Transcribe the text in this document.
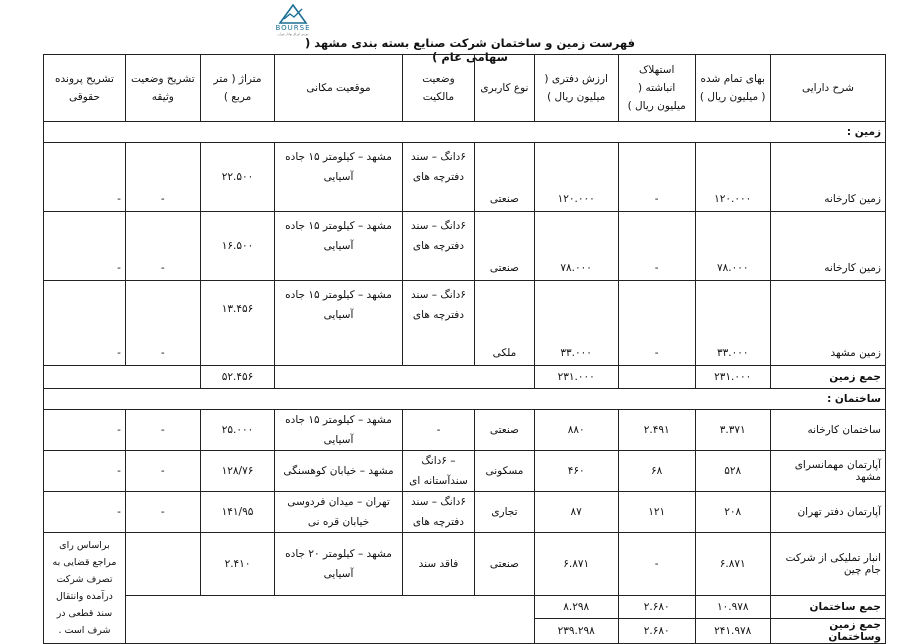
BOURSE
بورس اوراق بهادار تهران
فهرست زمین و ساختمان شرکت صنایع بسته بندی مشهد ( سهامی عام )
شرح دارایی	بهای تمام شده ( میلیون ریال )	استهلاک انباشته ( میلیون ریال )	ارزش دفتری ( میلیون ریال )	نوع کاربری	وضعیت مالکیت	موقعیت مکانی	متراژ ( متر مربع )	تشریح وضعیت وثیقه	تشریح پرونده حقوقی
زمین :									
زمین کارخانه	۱۲۰.۰۰۰	-	۱۲۰.۰۰۰	صنعتی	۶دانگ – سند دفترچه های	مشهد – کیلومتر ۱۵ جاده آسیایی	۲۲.۵۰۰	-	-
زمین کارخانه	۷۸.۰۰۰	-	۷۸.۰۰۰	صنعتی	۶دانگ – سند دفترچه های	مشهد – کیلومتر ۱۵ جاده آسیایی	۱۶.۵۰۰	-	-
زمین مشهد	۳۳.۰۰۰	-	۳۳.۰۰۰	ملکی	۶دانگ – سند دفترچه های	مشهد – کیلومتر ۱۵ جاده آسیایی	۱۳.۴۵۶	-	-
جمع زمین	۲۳۱.۰۰۰		۲۳۱.۰۰۰				۵۲.۴۵۶		
ساختمان :									
ساختمان کارخانه	۳.۳۷۱	۲.۴۹۱	۸۸۰	صنعتی	-	مشهد – کیلومتر ۱۵ جاده آسیایی	۲۵.۰۰۰	-	-
آپارتمان مهمانسرای مشهد	۵۲۸	۶۸	۴۶۰	مسکونی	– ۶دانگ سندآستانه ای	مشهد – خیابان کوهسنگی	۱۲۸/۷۶	-	-
آپارتمان دفتر تهران	۲۰۸	۱۲۱	۸۷	تجاری	۶دانگ – سند دفترچه های	تهران – میدان فردوسی خیابان قره نی	۱۴۱/۹۵	-	-
انبار تملیکی از شرکت جام چین	۶.۸۷۱	-	۶.۸۷۱	صنعتی	فاقد سند	مشهد – کیلومتر ۲۰ جاده آسیایی	۲.۴۱۰		براساس رای مراجع قضایی به تصرف شرکت درآمده وانتقال سند قطعی در شرف است .
جمع ساختمان	۱۰.۹۷۸	۲.۶۸۰	۸.۲۹۸						
جمع زمین وساختمان	۲۴۱.۹۷۸	۲.۶۸۰	۲۳۹.۲۹۸						
